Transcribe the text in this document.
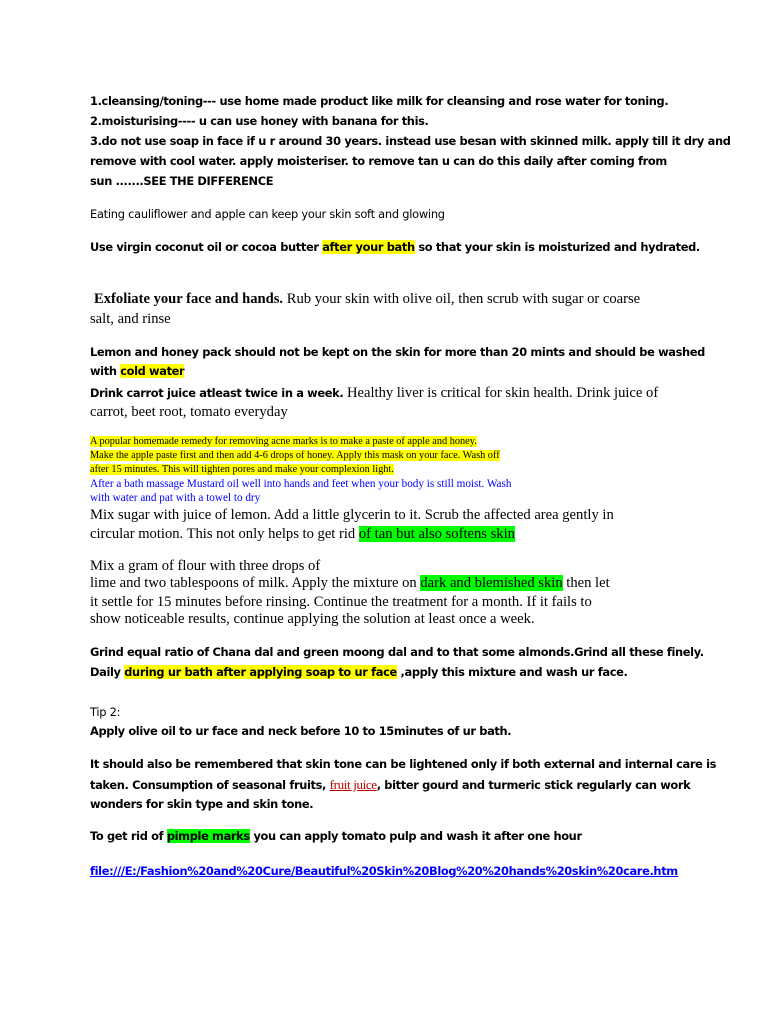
1.cleansing/toning--- use home made product like milk for cleansing and rose water for toning.
2.moisturising---- u can use honey with banana for this.
3.do not use soap in face if u r around 30 years. instead use besan with skinned milk. apply till it dry and
remove with cool water. apply moisteriser. to remove tan u can do this daily after coming from
sun .......SEE THE DIFFERENCE
Eating cauliflower and apple can keep your skin soft and glowing
Use virgin coconut oil or cocoa butter after your bath so that your skin is moisturized and hydrated.
Exfoliate your face and hands. Rub your skin with olive oil, then scrub with sugar or coarse
salt, and rinse
Lemon and honey pack should not be kept on the skin for more than 20 mints and should be washed
with cold water
Drink carrot juice atleast twice in a week. Healthy liver is critical for skin health. Drink juice of
carrot, beet root, tomato everyday
A popular homemade remedy for removing acne marks is to make a paste of apple and honey.
Make the apple paste first and then add 4-6 drops of honey. Apply this mask on your face. Wash off
after 15 minutes. This will tighten pores and make your complexion light.
After a bath massage Mustard oil well into hands and feet when your body is still moist. Wash
with water and pat with a towel to dry
Mix sugar with juice of lemon. Add a little glycerin to it. Scrub the affected area gently in
circular motion. This not only helps to get rid of tan but also softens skin
Mix a gram of flour with three drops of
lime and two tablespoons of milk. Apply the mixture on dark and blemished skin then let
it settle for 15 minutes before rinsing. Continue the treatment for a month. If it fails to
show noticeable results, continue applying the solution at least once a week.
Grind equal ratio of Chana dal and green moong dal and to that some almonds.Grind all these finely.
Daily during ur bath after applying soap to ur face ,apply this mixture and wash ur face.
Tip 2:
Apply olive oil to ur face and neck before 10 to 15minutes of ur bath.
It should also be remembered that skin tone can be lightened only if both external and internal care is
taken. Consumption of seasonal fruits, fruit juice, bitter gourd and turmeric stick regularly can work
wonders for skin type and skin tone.
To get rid of pimple marks you can apply tomato pulp and wash it after one hour
file:///E:/Fashion%20and%20Cure/Beautiful%20Skin%20Blog%20%20hands%20skin%20care.htm
